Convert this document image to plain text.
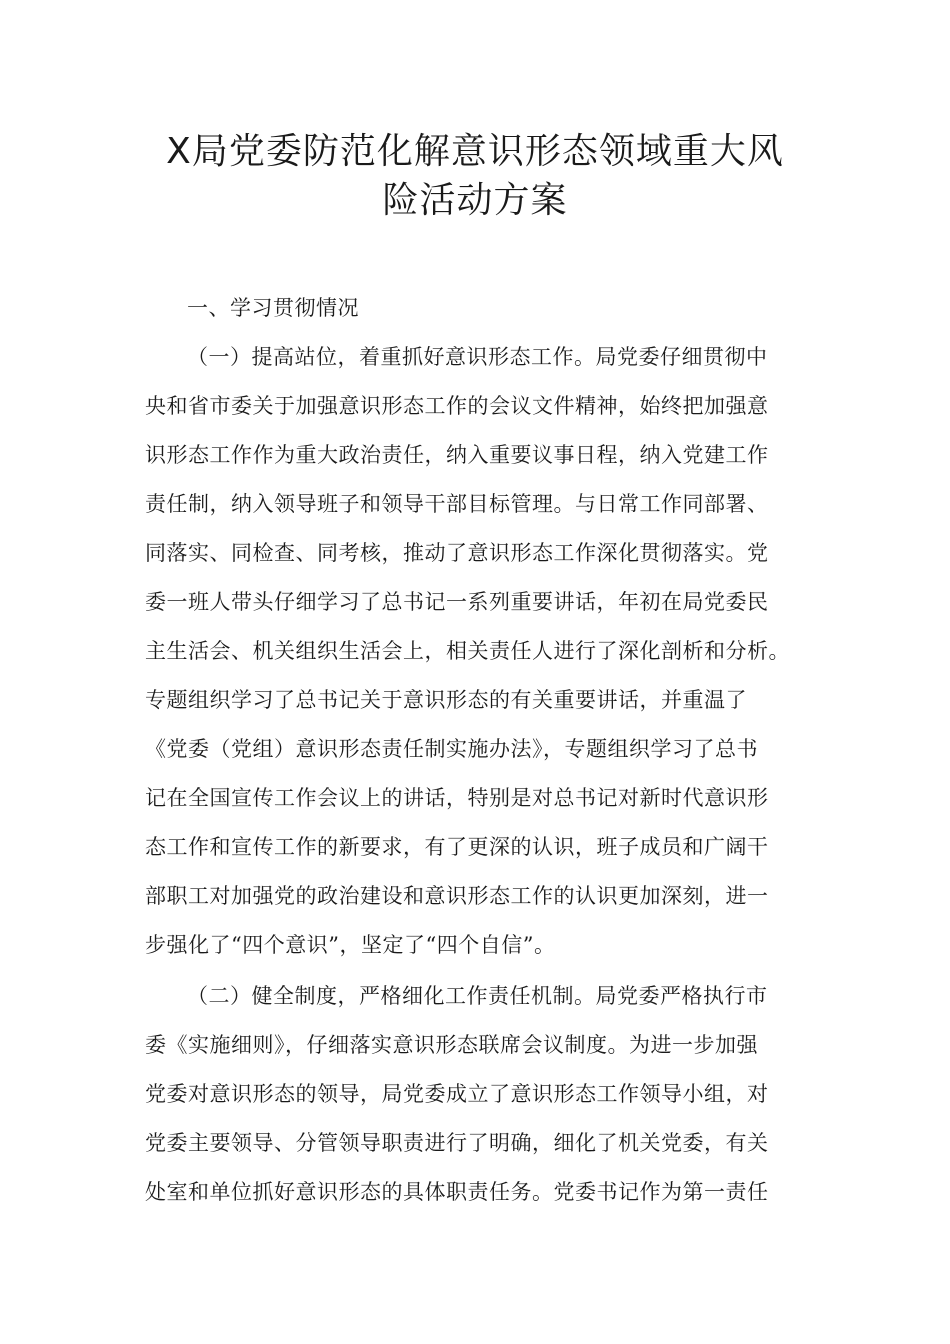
X局党委防范化解意识形态领域重大风
险活动方案
一、学习贯彻情况
（一）提高站位，着重抓好意识形态工作。局党委仔细贯彻中
央和省市委关于加强意识形态工作的会议文件精神，始终把加强意
识形态工作作为重大政治责任，纳入重要议事日程，纳入党建工作
责任制，纳入领导班子和领导干部目标管理。与日常工作同部署、
同落实、同检查、同考核，推动了意识形态工作深化贯彻落实。党
委一班人带头仔细学习了总书记一系列重要讲话，年初在局党委民
主生活会、机关组织生活会上，相关责任人进行了深化剖析和分析。
专题组织学习了总书记关于意识形态的有关重要讲话，并重温了
《党委（党组）意识形态责任制实施办法》，专题组织学习了总书
记在全国宣传工作会议上的讲话，特别是对总书记对新时代意识形
态工作和宣传工作的新要求，有了更深的认识，班子成员和广阔干
部职工对加强党的政治建设和意识形态工作的认识更加深刻，进一
步强化了“四个意识”，坚定了“四个自信”。
（二）健全制度，严格细化工作责任机制。局党委严格执行市
委《实施细则》，仔细落实意识形态联席会议制度。为进一步加强
党委对意识形态的领导，局党委成立了意识形态工作领导小组，对
党委主要领导、分管领导职责进行了明确，细化了机关党委，有关
处室和单位抓好意识形态的具体职责任务。党委书记作为第一责任
